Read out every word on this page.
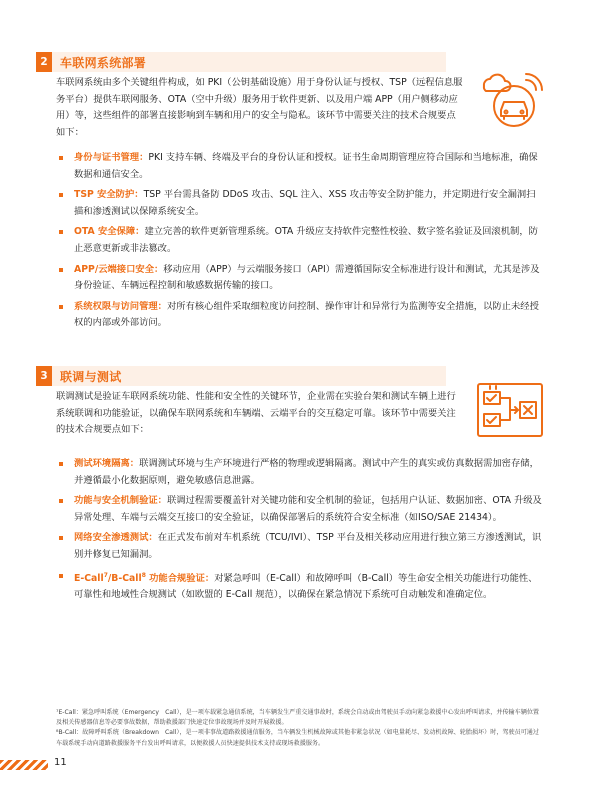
2	车联网系统部署

车联网系统由多个关键组件构成，如 PKI（公钥基础设施）用于身份认证与授权、TSP（远程信息服务平台）提供车联网服务、OTA（空中升级）服务用于软件更新、以及用户端 APP（用户侧移动应用）等，这些组件的部署直接影响到车辆和用户的安全与隐私。该环节中需要关注的技术合规要点如下：

身份与证书管理：PKI 支持车辆、终端及平台的身份认证和授权。证书生命周期管理应符合国际和当地标准，确保数据和通信安全。
TSP 安全防护：TSP 平台需具备防 DDoS 攻击、SQL 注入、XSS 攻击等安全防护能力，并定期进行安全漏洞扫描和渗透测试以保障系统安全。
OTA 安全保障：建立完善的软件更新管理系统。OTA 升级应支持软件完整性校验、数字签名验证及回滚机制，防止恶意更新或非法篡改。
APP/云端接口安全：移动应用（APP）与云端服务接口（API）需遵循国际安全标准进行设计和测试，尤其是涉及身份验证、车辆远程控制和敏感数据传输的接口。
系统权限与访问管理：对所有核心组件采取细粒度访问控制、操作审计和异常行为监测等安全措施，以防止未经授权的内部或外部访问。
3	联调与测试

联调测试是验证车联网系统功能、性能和安全性的关键环节，企业需在实验台架和测试车辆上进行系统联调和功能验证，以确保车联网系统和车辆端、云端平台的交互稳定可靠。该环节中需要关注的技术合规要点如下：

测试环境隔离：联调测试环境与生产环境进行严格的物理或逻辑隔离。测试中产生的真实或仿真数据需加密存储，并遵循最小化数据原则，避免敏感信息泄露。
功能与安全机制验证：联调过程需要覆盖针对关键功能和安全机制的验证，包括用户认证、数据加密、OTA 升级及异常处理、车端与云端交互接口的安全验证，以确保部署后的系统符合安全标准（如ISO/SAE 21434）。
网络安全渗透测试：在正式发布前对车机系统（TCU/IVI）、TSP 平台及相关移动应用进行独立第三方渗透测试，识别并修复已知漏洞。
E-Call$^7$/B-Call$^8$ 功能合规验证：对紧急呼叫（E-Call）和故障呼叫（B-Call）等生命安全相关功能进行功能性、可靠性和地域性合规测试（如欧盟的 E-Call 规范），以确保在紧急情况下系统可自动触发和准确定位。

⁷E-Call：紧急呼叫系统（Emergency　Call），是一项车载紧急通信系统，当车辆发生严重交通事故时，系统会自动或由驾驶员手动向紧急救援中心发出呼叫请求，并传输车辆位置及相关传感器信息等必要事故数据，帮助救援部门快速定位事故现场并及时开展救援。

⁸B-Call：故障呼叫系统（Breakdown　Call），是一项非事故道路救援通信服务，当车辆发生机械故障或其他非紧急状况（如电量耗尽、发动机故障、轮胎损坏）时，驾驶员可通过车载系统手动向道路救援服务平台发出呼叫请求，以便救援人员快速提供技术支持或现场救援服务。

11
